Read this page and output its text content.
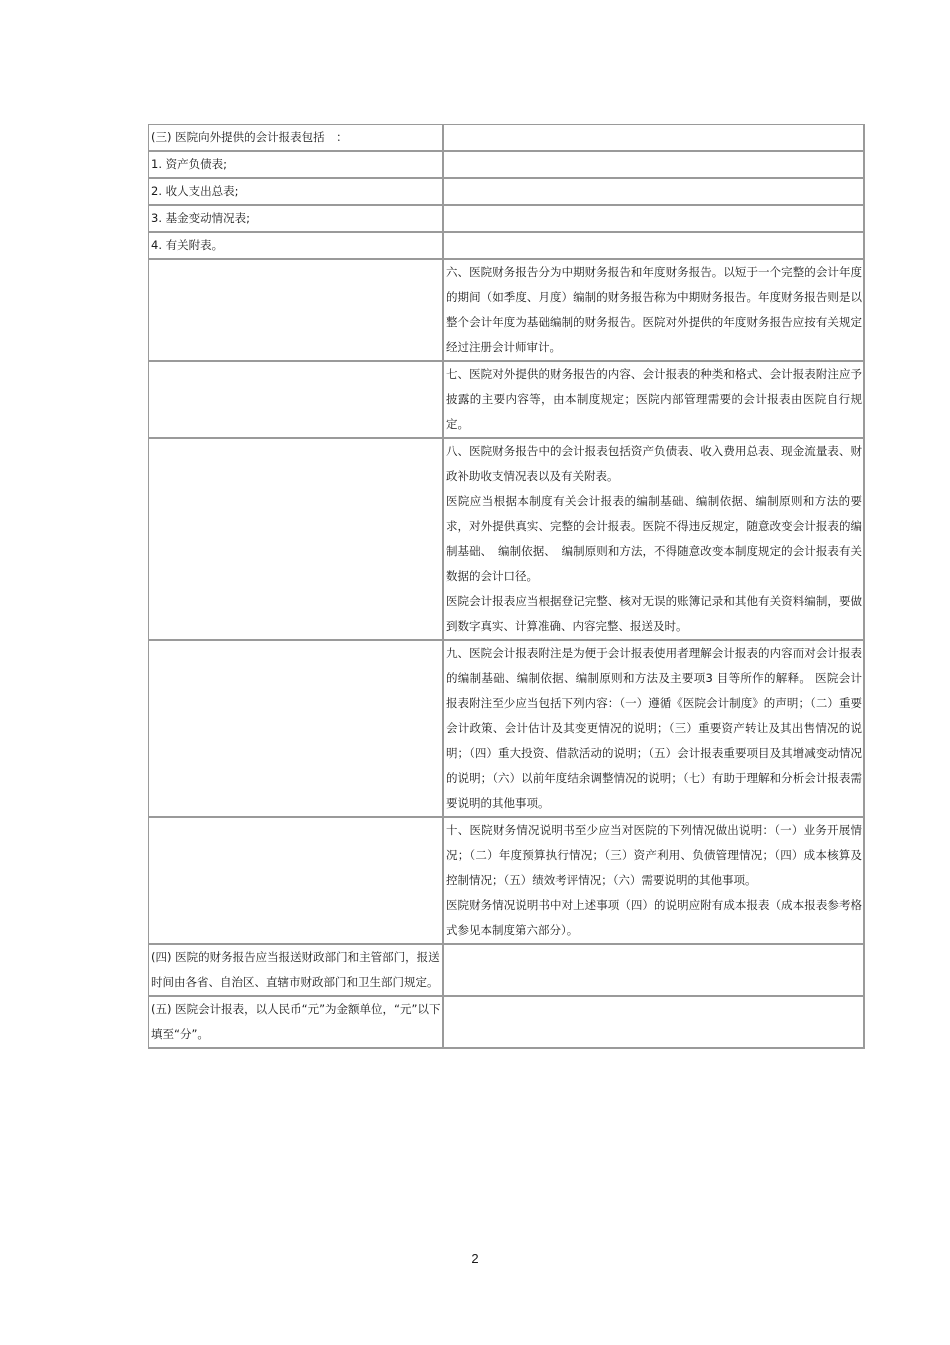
(三) 医院向外提供的会计报表包括　：	
1. 资产负债表;	
2. 收人支出总表;	
3. 基金变动情况表;	
4. 有关附表。	

	六、医院财务报告分为中期财务报告和年度财务报告。以短于一个完整的会计年度的期间（如季度、月度）编制的财务报告称为中期财务报告。年度财务报告则是以整个会计年度为基础编制的财务报告。医院对外提供的年度财务报告应按有关规定经过注册会计师审计。

	七、医院对外提供的财务报告的内容、会计报表的种类和格式、会计报表附注应予披露的主要内容等，由本制度规定；医院内部管理需要的会计报表由医院自行规定。

	八、医院财务报告中的会计报表包括资产负债表、收入费用总表、现金流量表、财政补助收支情况表以及有关附表。

医院应当根据本制度有关会计报表的编制基础、编制依据、编制原则和方法的要求，对外提供真实、完整的会计报表。医院不得违反规定，随意改变会计报表的编制基础、　编制依据、　编制原则和方法，不得随意改变本制度规定的会计报表有关数据的会计口径。

医院会计报表应当根据登记完整、核对无误的账簿记录和其他有关资料编制，要做到数字真实、计算准确、内容完整、报送及时。

	九、医院会计报表附注是为便于会计报表使用者理解会计报表的内容而对会计报表的编制基础、编制依据、编制原则和方法及主要项3 目等所作的解释。 医院会计报表附注至少应当包括下列内容：（一）遵循《医院会计制度》的声明；（二）重要会计政策、会计估计及其变更情况的说明；（三）重要资产转让及其出售情况的说明；（四）重大投资、借款活动的说明；（五）会计报表重要项目及其增减变动情况的说明；（六）以前年度结余调整情况的说明；（七）有助于理解和分析会计报表需要说明的其他事项。

	十、医院财务情况说明书至少应当对医院的下列情况做出说明：（一）业务开展情况；（二）年度预算执行情况；（三）资产利用、负债管理情况；（四）成本核算及控制情况；（五）绩效考评情况；（六）需要说明的其他事项。

医院财务情况说明书中对上述事项（四）的说明应附有成本报表（成本报表参考格式参见本制度第六部分）。

(四) 医院的财务报告应当报送财政部门和主管部门，报送时间由各省、自治区、直辖市财政部门和卫生部门规定。	
(五) 医院会计报表，以人民币“元”为金额单位，“元”以下填至“分”。	
2
